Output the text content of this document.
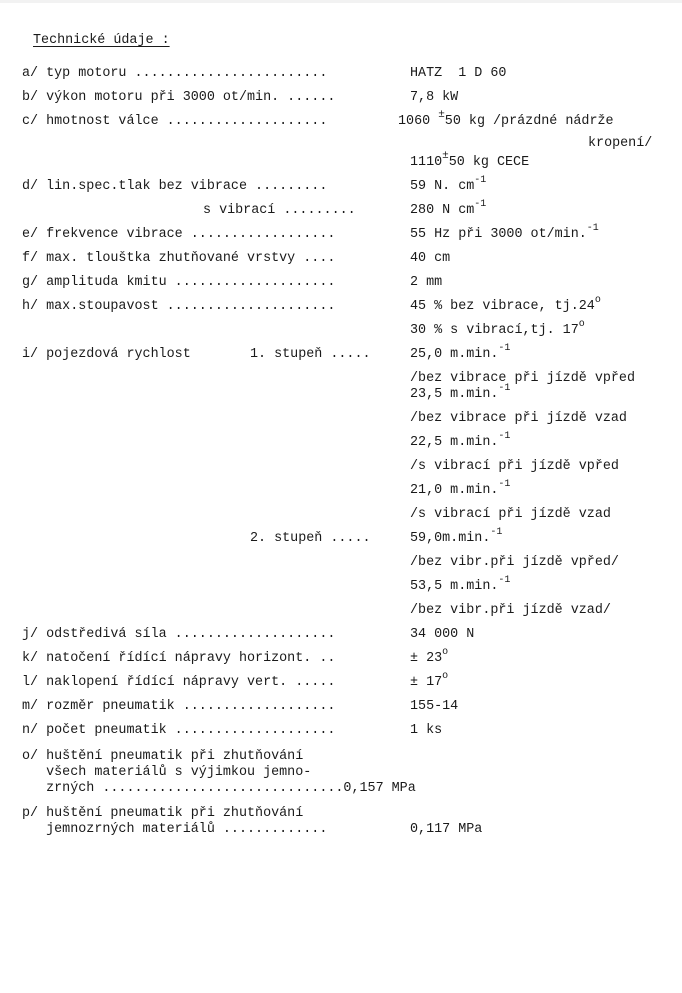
Technické údaje :
a/ typ motoru ........................	HATZ  1 D 60
b/ výkon motoru při 3000 ot/min. ......	7,8 kW
c/ hmotnost válce ....................	1060 ±50 kg /prázdné nádrže
kropení/
1110±50 kg CECE
d/ lin.spec.tlak bez vibrace .........	59 N. $cm^{-1}$
s vibrací .........	280 N $cm^{-1}$
e/ frekvence vibrace ..................	55 Hz při 3000 ot/min.$^{-1}$
f/ max. tlouštka zhutňované vrstvy ....	40 cm
g/ amplituda kmitu ....................	2 mm
h/ max.stoupavost .....................	45 % bez vibrace, tj.24$^o$
30 % s vibrací,tj. 17$^o$
i/ pojezdová rychlost	1. stupeň .....	25,0 m.min.$^{-1}$
/bez vibrace při jízdě vpřed
23,5 m.min.$^{-1}$
/bez vibrace při jízdě vzad
22,5 m.min.$^{-1}$
/s vibrací při jízdě vpřed
21,0 m.min.$^{-1}$
/s vibrací při jízdě vzad
2. stupeň .....	59,0m.min.$^{-1}$
/bez vibr.při jízdě vpřed/
53,5 m.min.$^{-1}$
/bez vibr.při jízdě vzad/
j/ odstředivá síla ....................	34 000 N
k/ natočení řídící nápravy horizont. ..	± $23^o$
l/ naklopení řídící nápravy vert. .....	± $17^o$
m/ rozměr pneumatik ...................	155-14
n/ počet pneumatik ....................	1 ks
o/ huštění pneumatik při zhutňování
všech materiálů s výjimkou jemno-
zrných ..............................0,157 MPa
p/ huštění pneumatik při zhutňování
jemnozrných materiálů .............	0,117 MPa
